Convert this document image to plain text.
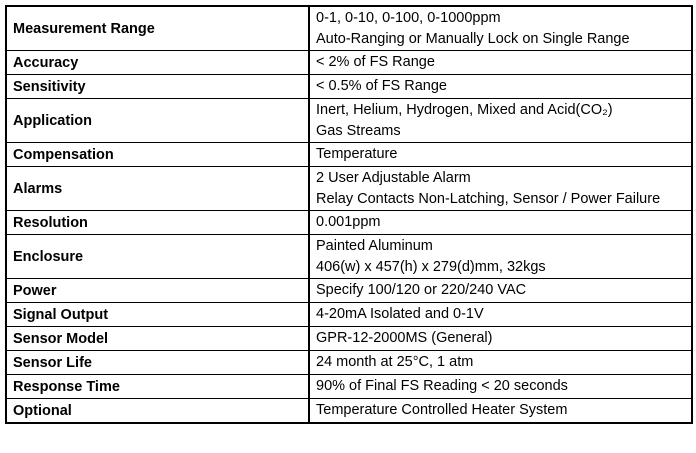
Measurement Range	0-1, 0-10, 0-100, 0-1000ppm
Auto-Ranging or Manually Lock on Single Range

Accuracy	< 2% of FS Range

Sensitivity	< 0.5% of FS Range

Application	Inert, Helium, Hydrogen, Mixed and Acid(CO₂)
Gas Streams

Compensation	Temperature

Alarms	2 User Adjustable Alarm
Relay Contacts Non-Latching, Sensor / Power Failure

Resolution	0.001ppm

Enclosure	Painted Aluminum
406(w) x 457(h) x 279(d)mm, 32kgs

Power	Specify 100/120 or 220/240 VAC

Signal Output	4-20mA Isolated and 0-1V

Sensor Model	GPR-12-2000MS (General)

Sensor Life	24 month at 25°C, 1 atm

Response Time	90% of Final FS Reading < 20 seconds

Optional	Temperature Controlled Heater System
